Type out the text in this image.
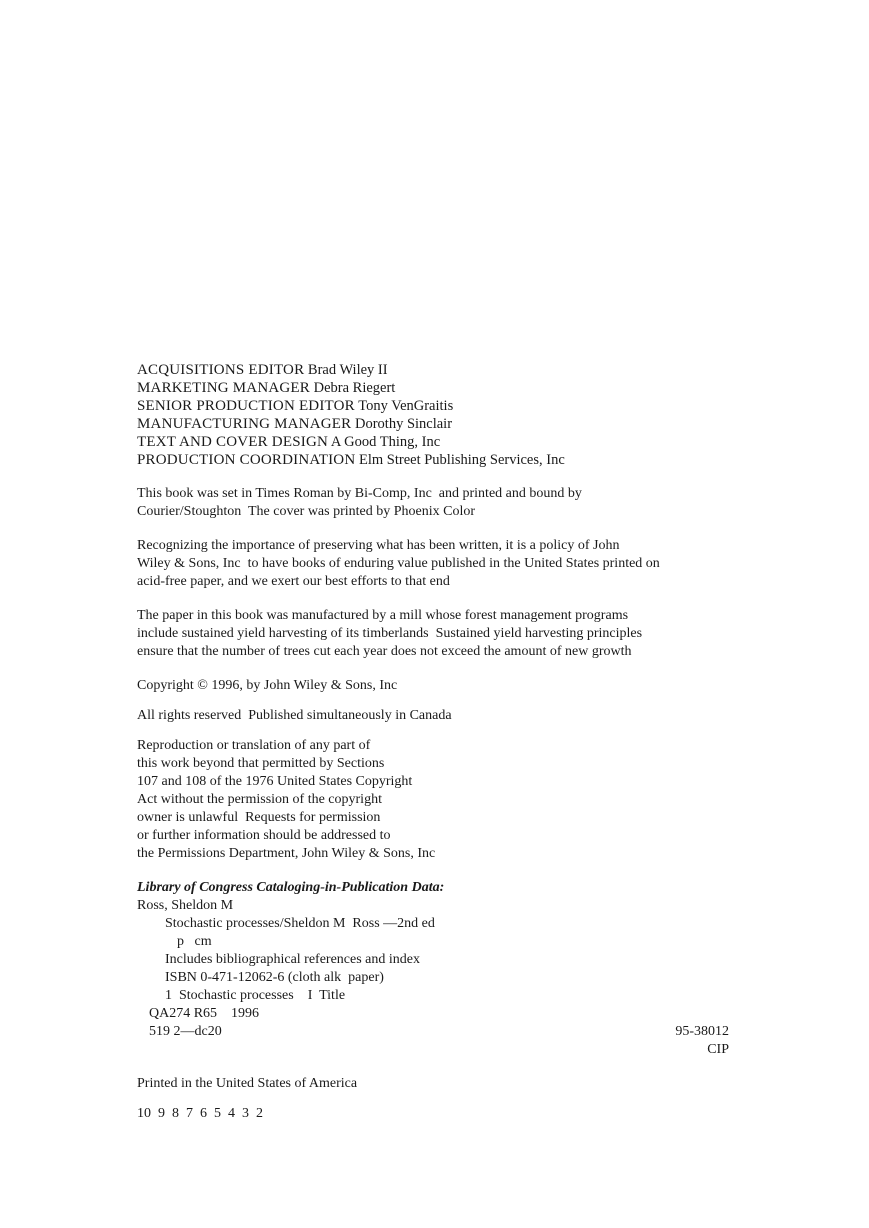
ACQUISITIONS EDITOR Brad Wiley II
MARKETING MANAGER Debra Riegert
SENIOR PRODUCTION EDITOR Tony VenGraitis
MANUFACTURING MANAGER Dorothy Sinclair
TEXT AND COVER DESIGN A Good Thing, Inc
PRODUCTION COORDINATION Elm Street Publishing Services, Inc
This book was set in Times Roman by Bi-Comp, Inc  and printed and bound by
Courier/Stoughton  The cover was printed by Phoenix Color
Recognizing the importance of preserving what has been written, it is a policy of John
Wiley & Sons, Inc  to have books of enduring value published in the United States printed on
acid-free paper, and we exert our best efforts to that end
The paper in this book was manufactured by a mill whose forest management programs
include sustained yield harvesting of its timberlands  Sustained yield harvesting principles
ensure that the number of trees cut each year does not exceed the amount of new growth
Copyright © 1996, by John Wiley & Sons, Inc
All rights reserved  Published simultaneously in Canada
Reproduction or translation of any part of
this work beyond that permitted by Sections
107 and 108 of the 1976 United States Copyright
Act without the permission of the copyright
owner is unlawful  Requests for permission
or further information should be addressed to
the Permissions Department, John Wiley & Sons, Inc
Library of Congress Cataloging-in-Publication Data:
Ross, Sheldon M
Stochastic processes/Sheldon M  Ross —2nd ed
p   cm
Includes bibliographical references and index
ISBN 0-471-12062-6 (cloth alk  paper)
1  Stochastic processes    I  Title
QA274 R65    1996
519 2—dc20	95-38012
CIP
Printed in the United States of America
10  9  8  7  6  5  4  3  2
